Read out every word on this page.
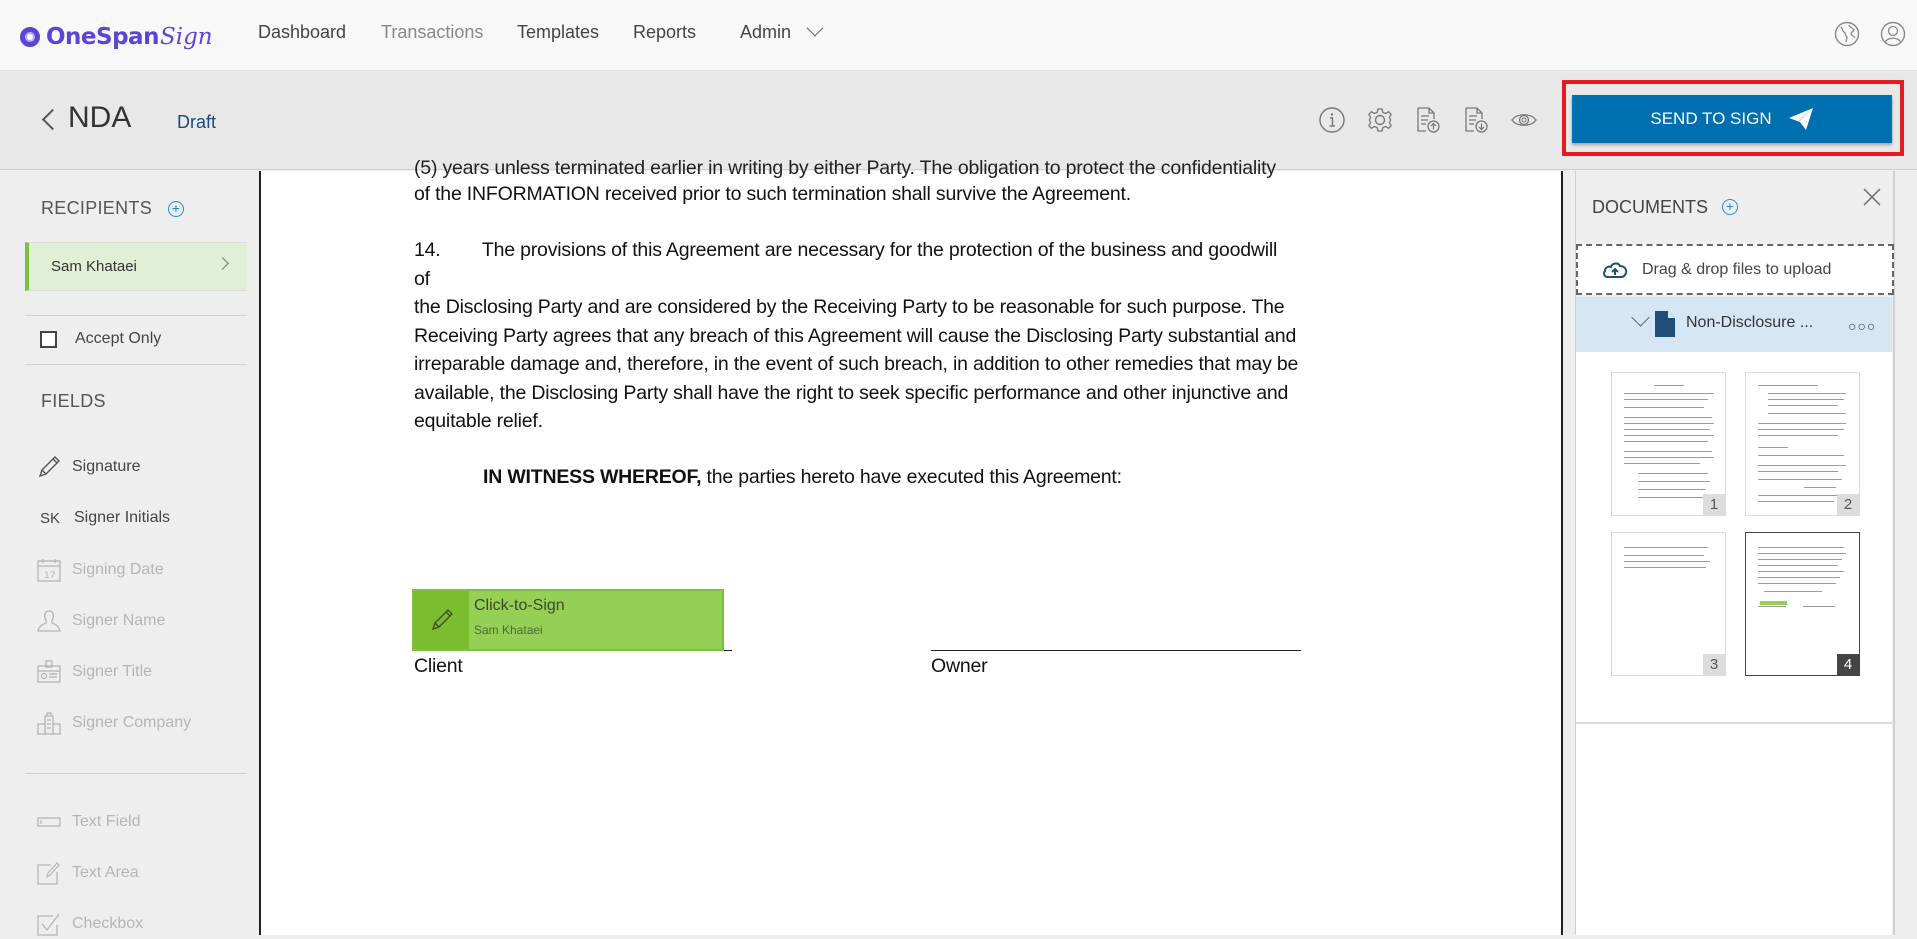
OneSpan Sign	Dashboard Transactions Templates Reports Admin
NDA	Draft	SEND TO SIGN
RECIPIENTS +
Sam Khataei
Accept Only
FIELDS
Signature
SK Signer Initials
17 Signing Date
Signer Name
Signer Title
Signer Company
Text Field
Text Area
Checkbox
(5) years unless terminated earlier in writing by either Party. The obligation to protect the confidentiality
of the INFORMATION received prior to such termination shall survive the Agreement.
14.        The provisions of this Agreement are necessary for the protection of the business and goodwill
of
the Disclosing Party and are considered by the Receiving Party to be reasonable for such purpose. The
Receiving Party agrees that any breach of this Agreement will cause the Disclosing Party substantial and
irreparable damage and, therefore, in the event of such breach, in addition to other remedies that may be
available, the Disclosing Party shall have the right to seek specific performance and other injunctive and
equitable relief.
IN WITNESS WHEREOF, the parties hereto have executed this Agreement:
Click-to-Sign
Sam Khataei
Client	Owner
DOCUMENTS +
Drag & drop files to upload
Non-Disclosure ... ○○○
1	2
3	4
